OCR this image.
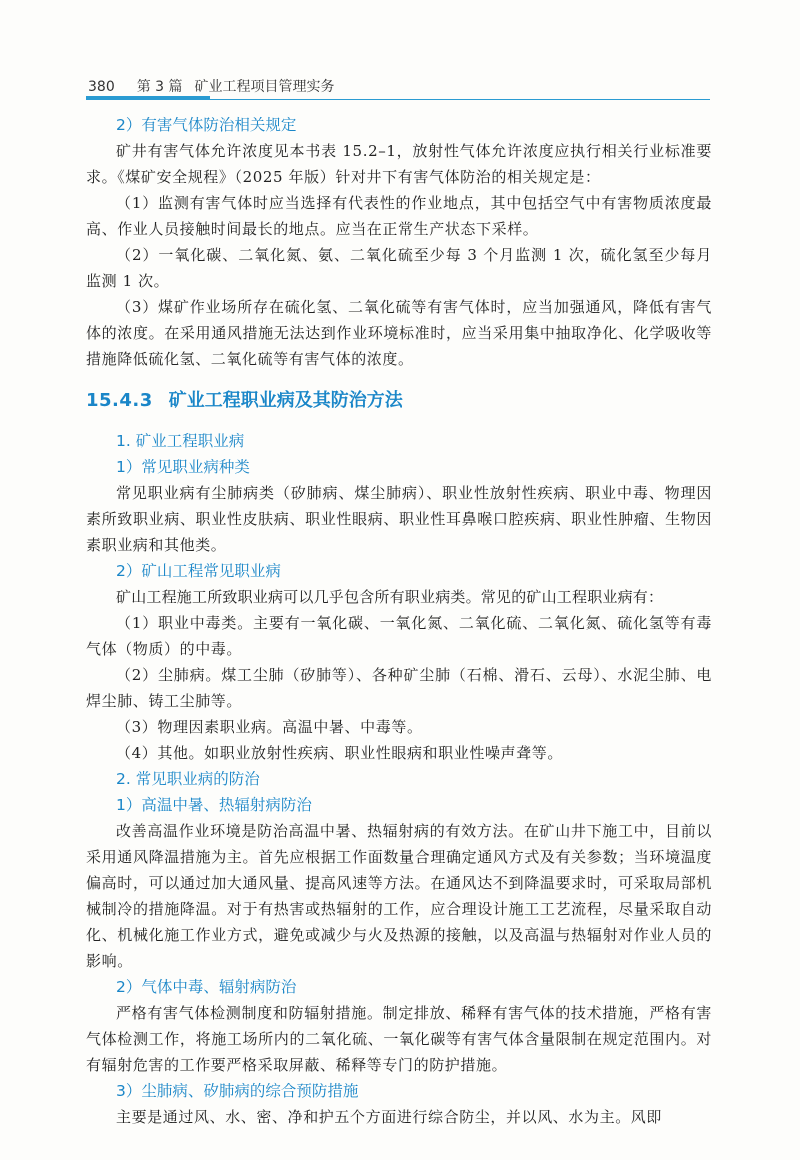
380 第 3 篇 矿业工程项目管理实务
2）有害气体防治相关规定

矿井有害气体允许浓度见本书表 15.2–1，放射性气体允许浓度应执行相关行业标准要求。《煤矿安全规程》（2025 年版）针对井下有害气体防治的相关规定是：

（1）监测有害气体时应当选择有代表性的作业地点，其中包括空气中有害物质浓度最高、作业人员接触时间最长的地点。应当在正常生产状态下采样。

（2）一氧化碳、二氧化氮、氨、二氧化硫至少每 3 个月监测 1 次，硫化氢至少每月监测 1 次。

（3）煤矿作业场所存在硫化氢、二氧化硫等有害气体时，应当加强通风，降低有害气体的浓度。在采用通风措施无法达到作业环境标准时，应当采用集中抽取净化、化学吸收等措施降低硫化氢、二氧化硫等有害气体的浓度。

15.4.3 矿业工程职业病及其防治方法
1. 矿业工程职业病
1）常见职业病种类

常见职业病有尘肺病类（矽肺病、煤尘肺病）、职业性放射性疾病、职业中毒、物理因素所致职业病、职业性皮肤病、职业性眼病、职业性耳鼻喉口腔疾病、职业性肿瘤、生物因素职业病和其他类。

2）矿山工程常见职业病

矿山工程施工所致职业病可以几乎包含所有职业病类。常见的矿山工程职业病有：

（1）职业中毒类。主要有一氧化碳、一氧化氮、二氧化硫、二氧化氮、硫化氢等有毒气体（物质）的中毒。

（2）尘肺病。煤工尘肺（矽肺等）、各种矿尘肺（石棉、滑石、云母）、水泥尘肺、电焊尘肺、铸工尘肺等。

（3）物理因素职业病。高温中暑、中毒等。

（4）其他。如职业放射性疾病、职业性眼病和职业性噪声聋等。

2. 常见职业病的防治
1）高温中暑、热辐射病防治

改善高温作业环境是防治高温中暑、热辐射病的有效方法。在矿山井下施工中，目前以采用通风降温措施为主。首先应根据工作面数量合理确定通风方式及有关参数；当环境温度偏高时，可以通过加大通风量、提高风速等方法。在通风达不到降温要求时，可采取局部机械制冷的措施降温。对于有热害或热辐射的工作，应合理设计施工工艺流程，尽量采取自动化、机械化施工作业方式，避免或减少与火及热源的接触，以及高温与热辐射对作业人员的影响。

2）气体中毒、辐射病防治

严格有害气体检测制度和防辐射措施。制定排放、稀释有害气体的技术措施，严格有害气体检测工作，将施工场所内的二氧化硫、一氧化碳等有害气体含量限制在规定范围内。对有辐射危害的工作要严格采取屏蔽、稀释等专门的防护措施。

3）尘肺病、矽肺病的综合预防措施

主要是通过风、水、密、净和护五个方面进行综合防尘，并以风、水为主。风即
